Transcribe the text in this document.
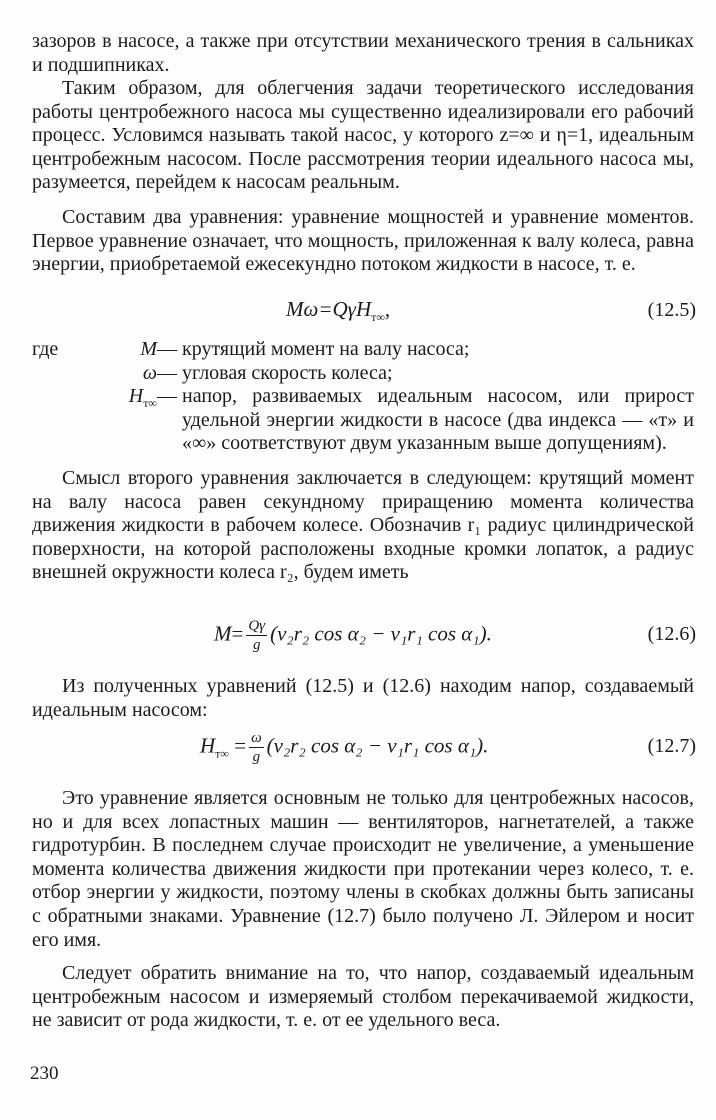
зазоров в насосе, а также при отсутствии механического трения в сальниках и подшипниках.

Таким образом, для облегчения задачи теоретического исследования работы центробежного насоса мы существенно идеализировали его рабочий процесс. Условимся называть такой насос, у которого z=∞ и η=1, идеальным центробежным насосом. После рассмотрения теории идеального насоса мы, разумеется, перейдем к насосам реальным.

Составим два уравнения: уравнение мощностей и уравнение моментов. Первое уравнение означает, что мощность, приложенная к валу колеса, равна энергии, приобретаемой ежесекундно потоком жидкости в насосе, т. е.

Mω=QγH$_{т\infty}$,	(12.5)
где	M— крутящий момент на валу насоса;
ω— угловая скорость колеса;
$H_{т\infty}—$ напор, развиваемых идеальным насосом, или прирост удельной энергии жидкости в насосе (два индекса — «т» и «∞» соответствуют двум указанным выше допущениям).

Смысл второго уравнения заключается в следующем: крутящий момент на валу насоса равен секундному приращению момента количества движения жидкости в рабочем колесе. Обозначив r₁ радиус цилиндрической поверхности, на которой расположены входные кромки лопаток, а радиус внешней окружности колеса r₂, будем иметь

$M= \frac{Q\gamma}{g} (v_2r_2$ cos α₂ − v₁r₁ cos α₁).	(12.6)

Из полученных уравнений (12.5) и (12.6) находим напор, создаваемый идеальным насосом:

$H_{т\infty} = \frac{\omega}{g} (v_2r_2$ cos α₂ − v₁r₁ cos α₁).	(12.7)

Это уравнение является основным не только для центробежных насосов, но и для всех лопастных машин — вентиляторов, нагнетателей, а также гидротурбин. В последнем случае происходит не увеличение, а уменьшение момента количества движения жидкости при протекании через колесо, т. е. отбор энергии у жидкости, поэтому члены в скобках должны быть записаны с обратными знаками. Уравнение (12.7) было получено Л. Эйлером и носит его имя.

Следует обратить внимание на то, что напор, создаваемый идеальным центробежным насосом и измеряемый столбом перекачиваемой жидкости, не зависит от рода жидкости, т. е. от ее удельного веса.

230
